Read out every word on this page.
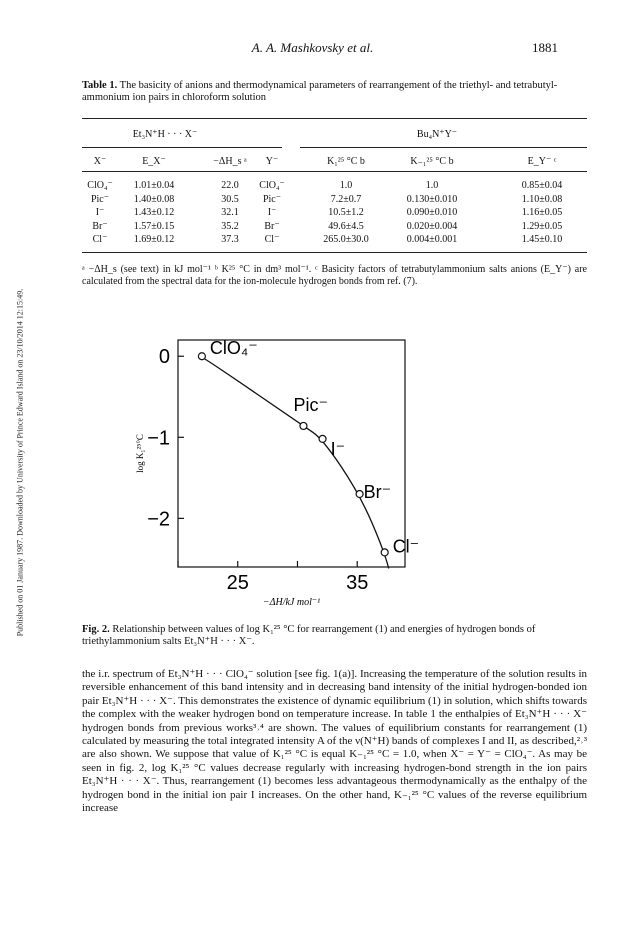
Published on 01 January 1987. Downloaded by University of Prince Edward Island on 23/10/2014 12:15:49.
A. A. Mashkovsky et al.	1881
Table 1. The basicity of anions and thermodynamical parameters of rearrangement of the triethyl- and tetrabutyl-ammonium ion pairs in chloroform solution
Et₃N⁺H · · · X⁻	Bu₄N⁺Y⁻
X⁻	E_X⁻	−ΔH_s ᵃ Y⁻	K₁²⁵ °C b	K₋₁²⁵ °C b	E_Y⁻ ᶜ
ClO₄⁻ 1.01±0.04	22.0 ClO₄⁻	1.0	1.0	0.85±0.04
Pic⁻ 1.40±0.08	30.5 Pic⁻	7.2±0.7	0.130±0.010	1.10±0.08
I⁻	1.43±0.12	32.1	I⁻	10.5±1.2	0.090±0.010	1.16±0.05
Br⁻	1.57±0.15	35.2	Br⁻	49.6±4.5	0.020±0.004	1.29±0.05
Cl⁻	1.69±0.12	37.3	Cl⁻	265.0±30.0	0.004±0.001	1.45±0.10
ᵃ −ΔH_s (see text) in kJ mol⁻¹ ᵇ K²⁵ °C in dm³ mol⁻¹. ᶜ Basicity factors of tetrabutylammonium salts anions (E_Y⁻) are calculated from the spectral data for the ion-molecule hydrogen bonds from ref. (7).
0
−1
−2
25	35
−ΔH/kJ mol⁻¹
log K₁²⁵°C
ClO₄⁻
Pic⁻
I⁻
Br⁻
Cl⁻
Fig. 2. Relationship between values of log K₁²⁵ °C for rearrangement (1) and energies of hydrogen bonds of triethylammonium salts Et₃N⁺H · · · X⁻.
the i.r. spectrum of Et₃N⁺H · · · ClO₄⁻ solution [see fig. 1(a)]. Increasing the temperature of the solution results in reversible enhancement of this band intensity and in decreasing band intensity of the initial hydrogen-bonded ion pair Et₃N⁺H · · · X⁻. This demonstrates the existence of dynamic equilibrium (1) in solution, which shifts towards the complex with the weaker hydrogen bond on temperature increase. In table 1 the enthalpies of Et₃N⁺H · · · X⁻ hydrogen bonds from previous works³˒⁴ are shown. The values of equilibrium constants for rearrangement (1) calculated by measuring the total integrated intensity A of the ν(N⁺H) bands of complexes I and II, as described,²˒³ are also shown. We suppose that value of K₁²⁵ °C is equal K₋₁²⁵ °C = 1.0, when X⁻ = Y⁻ = ClO₄⁻. As may be seen in fig. 2, log K₁²⁵ °C values decrease regularly with increasing hydrogen-bond strength in the ion pairs Et₃N⁺H · · · X⁻. Thus, rearrangement (1) becomes less advantageous thermodynamically as the enthalpy of the hydrogen bond in the initial ion pair I increases. On the other hand, K₋₁²⁵ °C values of the reverse equilibrium increase
